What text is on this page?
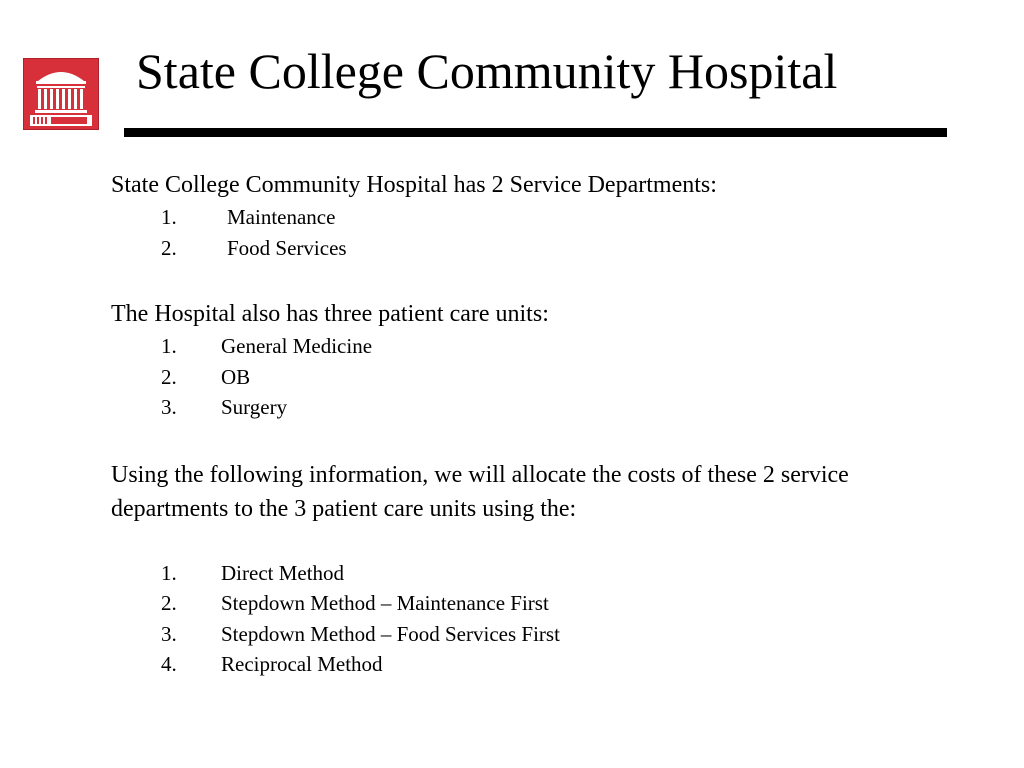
State College Community Hospital

State College Community Hospital has 2 Service Departments:

1.	Maintenance
2.	Food Services

The Hospital also has three patient care units:

1.	General Medicine
2.	OB
3.	Surgery

Using the following information, we will allocate the costs of these 2 service departments to the 3 patient care units using the:

1.	Direct Method
2.	Stepdown Method – Maintenance First
3.	Stepdown Method – Food Services First
4.	Reciprocal Method
